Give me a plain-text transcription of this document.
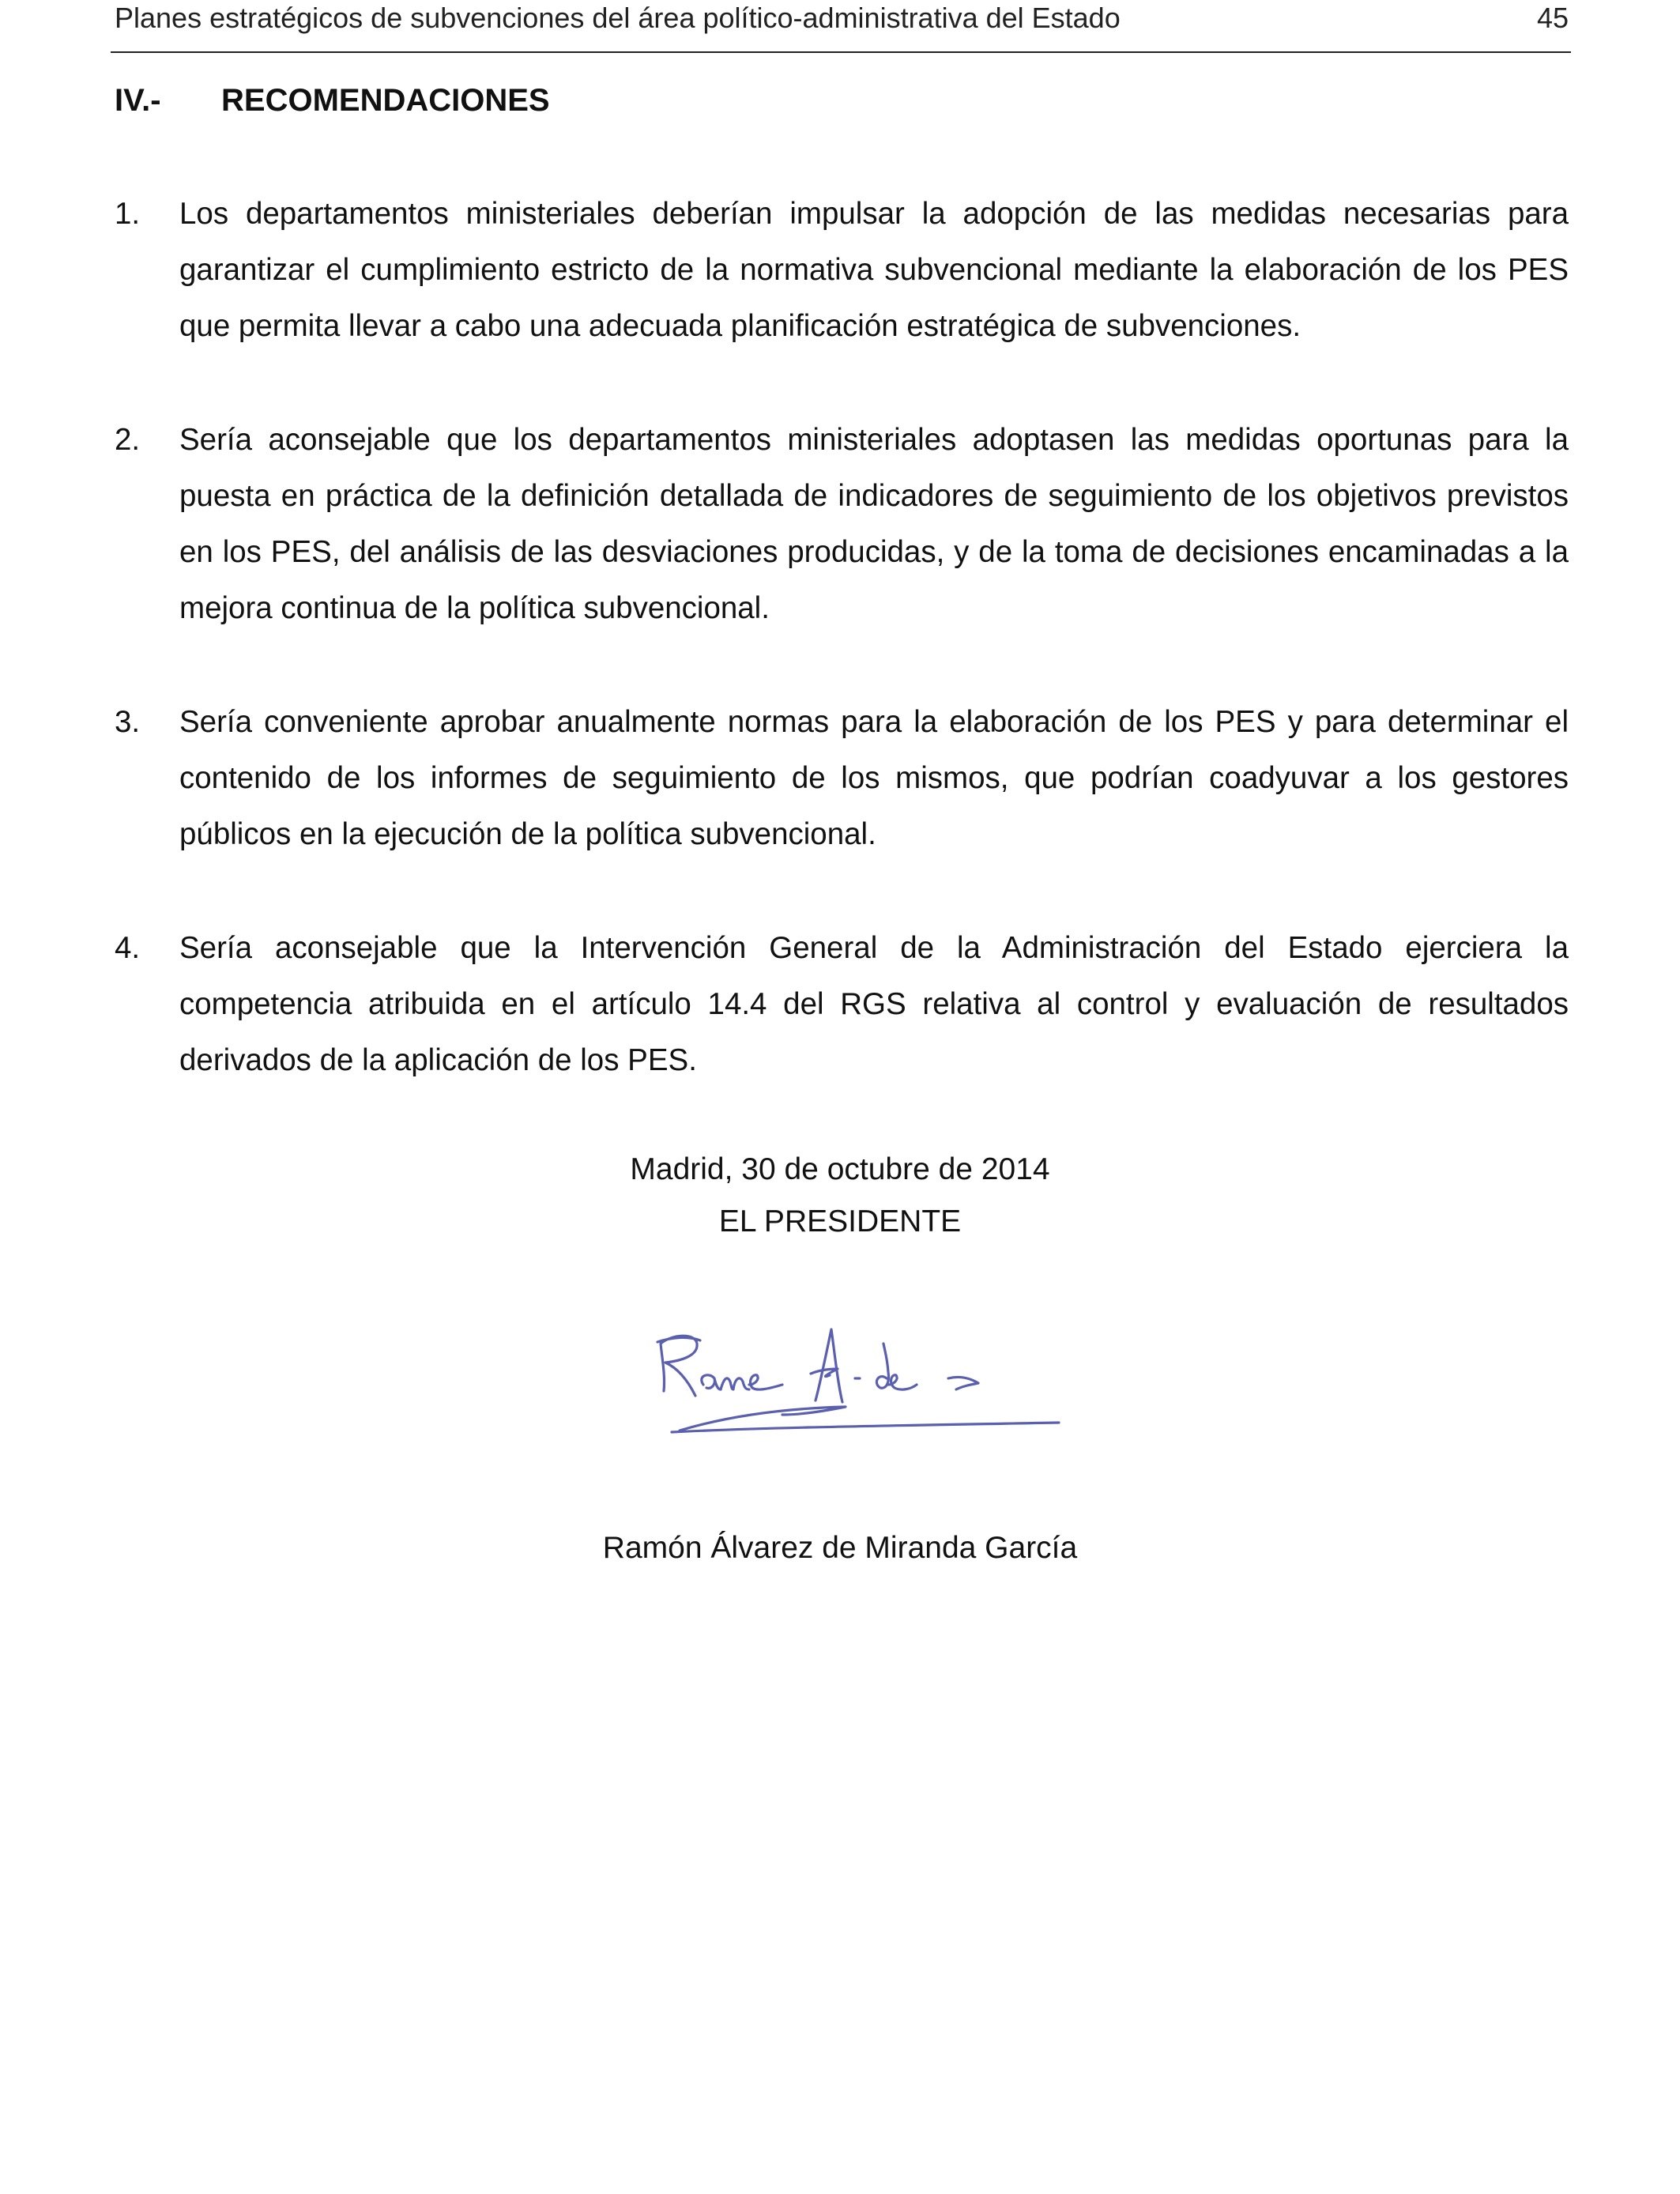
Planes estratégicos de subvenciones del área político-administrativa del Estado	45
IV.- RECOMENDACIONES
1. Los departamentos ministeriales deberían impulsar la adopción de las medidas necesarias para garantizar el cumplimiento estricto de la normativa subvencional mediante la elaboración de los PES que permita llevar a cabo una adecuada planificación estratégica de subvenciones.
2. Sería aconsejable que los departamentos ministeriales adoptasen las medidas oportunas para la puesta en práctica de la definición detallada de indicadores de seguimiento de los objetivos previstos en los PES, del análisis de las desviaciones producidas, y de la toma de decisiones encaminadas a la mejora continua de la política subvencional.
3. Sería conveniente aprobar anualmente normas para la elaboración de los PES y para determinar el contenido de los informes de seguimiento de los mismos, que podrían coadyuvar a los gestores públicos en la ejecución de la política subvencional.
4. Sería aconsejable que la Intervención General de la Administración del Estado ejerciera la competencia atribuida en el artículo 14.4 del RGS relativa al control y evaluación de resultados derivados de la aplicación de los PES.
Madrid, 30 de octubre de 2014
EL PRESIDENTE
Ramón Álvarez de Miranda García
